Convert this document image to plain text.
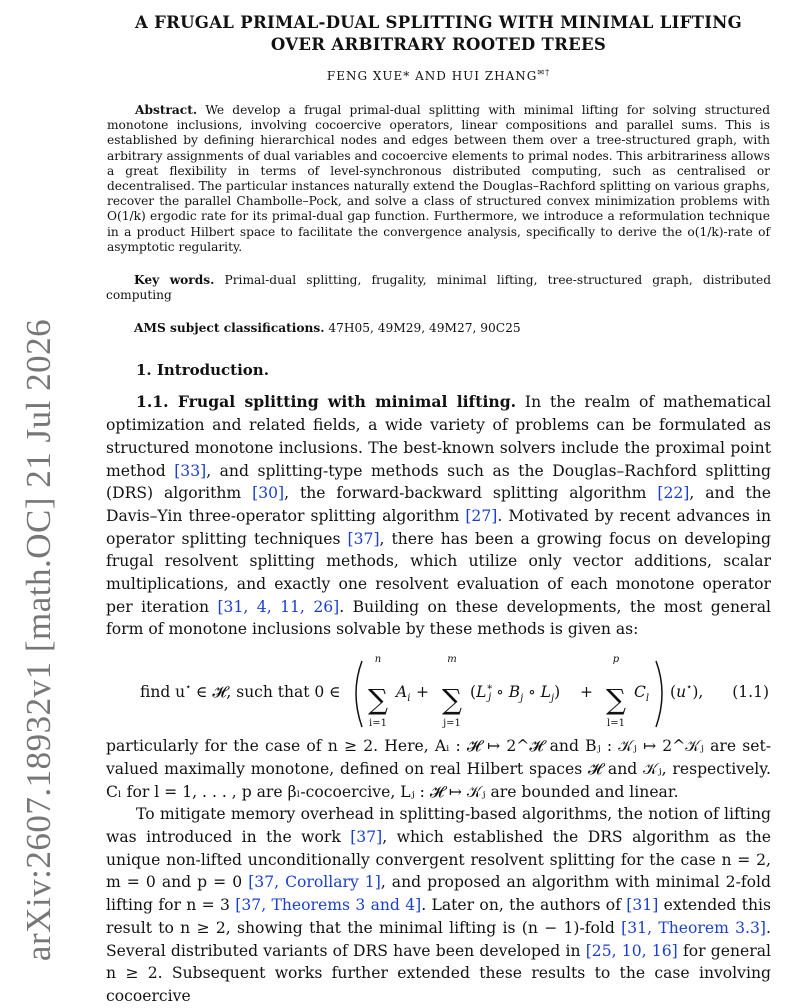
arXiv:2607.18932v1 [math.OC] 21 Jul 2026
A FRUGAL PRIMAL-DUAL SPLITTING WITH MINIMAL LIFTING
OVER ARBITRARY ROOTED TREES
FENG XUE* AND HUI ZHANG✉†

Abstract. We develop a frugal primal-dual splitting with minimal lifting for solving structured monotone inclusions, involving cocoercive operators, linear compositions and parallel sums. This is established by defining hierarchical nodes and edges between them over a tree-structured graph, with arbitrary assignments of dual variables and cocoercive elements to primal nodes. This arbitrariness allows a great flexibility in terms of level-synchronous distributed computing, such as centralised or decentralised. The particular instances naturally extend the Douglas–Rachford splitting on various graphs, recover the parallel Chambolle–Pock, and solve a class of structured convex minimization problems with O(1/k) ergodic rate for its primal-dual gap function. Furthermore, we introduce a reformulation technique in a product Hilbert space to facilitate the convergence analysis, specifically to derive the o(1/k)-rate of asymptotic regularity.

Key words. Primal-dual splitting, frugality, minimal lifting, tree-structured graph, distributed computing

AMS subject classifications. 47H05, 49M29, 49M27, 90C25

1. Introduction.

1.1. Frugal splitting with minimal lifting. In the realm of mathematical optimization and related fields, a wide variety of problems can be formulated as structured monotone inclusions. The best-known solvers include the proximal point method [33], and splitting-type methods such as the Douglas–Rachford splitting (DRS) algorithm [30], the forward-backward splitting algorithm [22], and the Davis–Yin three-operator splitting algorithm [27]. Motivated by recent advances in operator splitting techniques [37], there has been a growing focus on developing frugal resolvent splitting methods, which utilize only vector additions, scalar multiplications, and exactly one resolvent evaluation of each monotone operator per iteration [31, 4, 11, 26]. Building on these developments, the most general form of monotone inclusions solvable by these methods is given as:

find u⋆ ∈ 𝓗, such that 0 ∈
n
∑
i=1
$A_i$ +
m
∑
j=1
(L∗ j ∘ $B_j$ ∘ $L_j$) +
p
∑
l=1
$C_l$ (u⋆), (1.1)

particularly for the case of n ≥ 2. Here, Aᵢ : 𝓗 ↦ 2^𝓗 and Bⱼ : 𝒦ⱼ ↦ 2^𝒦ⱼ are set-valued maximally monotone, defined on real Hilbert spaces 𝓗 and 𝒦ⱼ, respectively. Cₗ for l = 1, . . . , p are βₗ-cocoercive, Lⱼ : 𝓗 ↦ 𝒦ⱼ are bounded and linear.

To mitigate memory overhead in splitting-based algorithms, the notion of lifting was introduced in the work [37], which established the DRS algorithm as the unique non-lifted unconditionally convergent resolvent splitting for the case n = 2, m = 0 and p = 0 [37, Corollary 1], and proposed an algorithm with minimal 2-fold lifting for n = 3 [37, Theorems 3 and 4]. Later on, the authors of [31] extended this result to n ≥ 2, showing that the minimal lifting is (n − 1)-fold [31, Theorem 3.3]. Several distributed variants of DRS have been developed in [25, 10, 16] for general n ≥ 2. Subsequent works further extended these results to the case involving cocoercive
